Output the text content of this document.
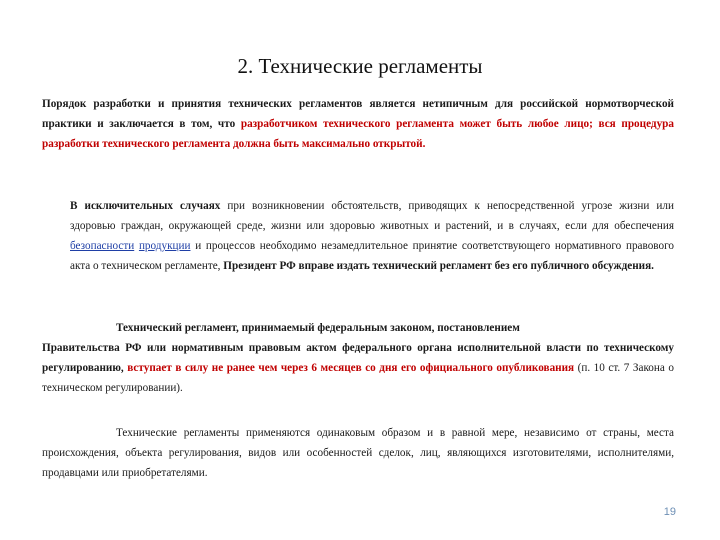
2. Технические регламенты
Порядок разработки и принятия технических регламентов является нетипичным для российской нормотворческой практики и заключается в том, что разработчиком технического регламента может быть любое лицо; вся процедура разработки технического регламента должна быть максимально открытой.
В исключительных случаях при возникновении обстоятельств, приводящих к непосредственной угрозе жизни или здоровью граждан, окружающей среде, жизни или здоровью животных и растений, и в случаях, если для обеспечения безопасности продукции и процессов необходимо незамедлительное принятие соответствующего нормативного правового акта о техническом регламенте, Президент РФ вправе издать технический регламент без его публичного обсуждения.
Технический регламент, принимаемый федеральным законом, постановлением
Правительства РФ или нормативным правовым актом федерального органа исполнительной власти по техническому регулированию, вступает в силу не ранее чем через 6 месяцев со дня его официального опубликования (п. 10 ст. 7 Закона о техническом регулировании).
Технические регламенты применяются одинаковым образом и в равной мере, независимо от страны, места происхождения, объекта регулирования, видов или особенностей сделок, лиц, являющихся изготовителями, исполнителями, продавцами или приобретателями.
19
